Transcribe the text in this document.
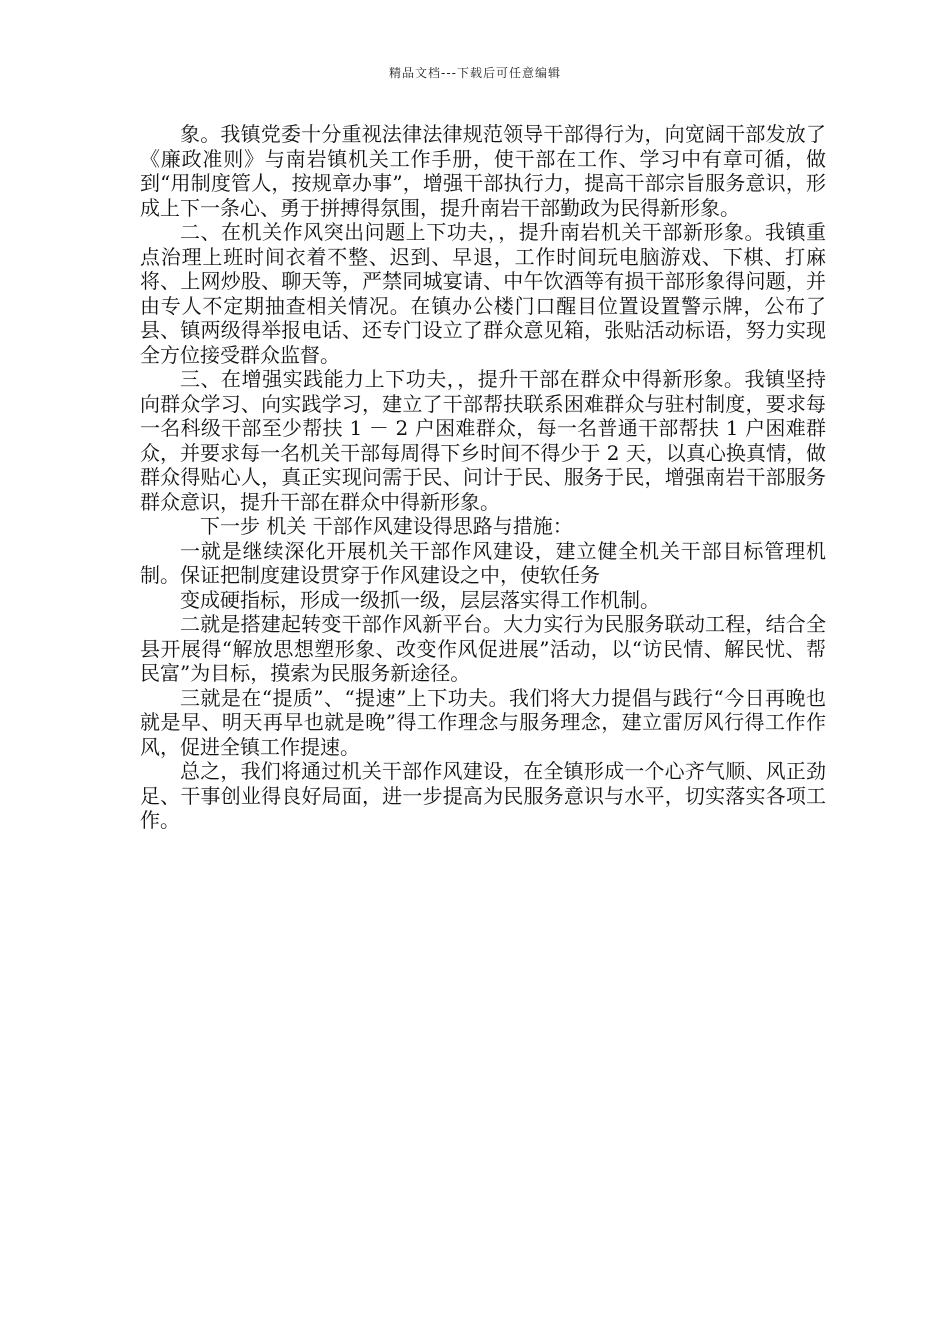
精品文档---下载后可任意编辑

象。我镇党委十分重视法律法律规范领导干部得行为，向宽阔干部发放了《廉政准则》与南岩镇机关工作手册，使干部在工作、学习中有章可循，做到“用制度管人，按规章办事”，增强干部执行力，提高干部宗旨服务意识，形成上下一条心、勇于拼搏得氛围，提升南岩干部勤政为民得新形象。

二、在机关作风突出问题上下功夫，，提升南岩机关干部新形象。我镇重点治理上班时间衣着不整、迟到、早退，工作时间玩电脑游戏、下棋、打麻将、上网炒股、聊天等，严禁同城宴请、中午饮酒等有损干部形象得问题，并由专人不定期抽查相关情况。在镇办公楼门口醒目位置设置警示牌，公布了县、镇两级得举报电话、还专门设立了群众意见箱，张贴活动标语，努力实现全方位接受群众监督。

三、在增强实践能力上下功夫，，提升干部在群众中得新形象。我镇坚持向群众学习、向实践学习，建立了干部帮扶联系困难群众与驻村制度，要求每一名科级干部至少帮扶 1 － 2 户困难群众，每一名普通干部帮扶 1 户困难群众，并要求每一名机关干部每周得下乡时间不得少于 2 天，以真心换真情，做群众得贴心人，真正实现问需于民、问计于民、服务于民，增强南岩干部服务群众意识，提升干部在群众中得新形象。

下一步 机关 干部作风建设得思路与措施：

一就是继续深化开展机关干部作风建设，建立健全机关干部目标管理机制。保证把制度建设贯穿于作风建设之中，使软任务

变成硬指标，形成一级抓一级，层层落实得工作机制。

二就是搭建起转变干部作风新平台。大力实行为民服务联动工程，结合全县开展得“解放思想塑形象、改变作风促进展”活动，以“访民情、解民忧、帮民富”为目标，摸索为民服务新途径。

三就是在“提质”、“提速”上下功夫。我们将大力提倡与践行“今日再晚也就是早、明天再早也就是晚”得工作理念与服务理念，建立雷厉风行得工作作风，促进全镇工作提速。

总之，我们将通过机关干部作风建设，在全镇形成一个心齐气顺、风正劲足、干事创业得良好局面，进一步提高为民服务意识与水平，切实落实各项工作。
